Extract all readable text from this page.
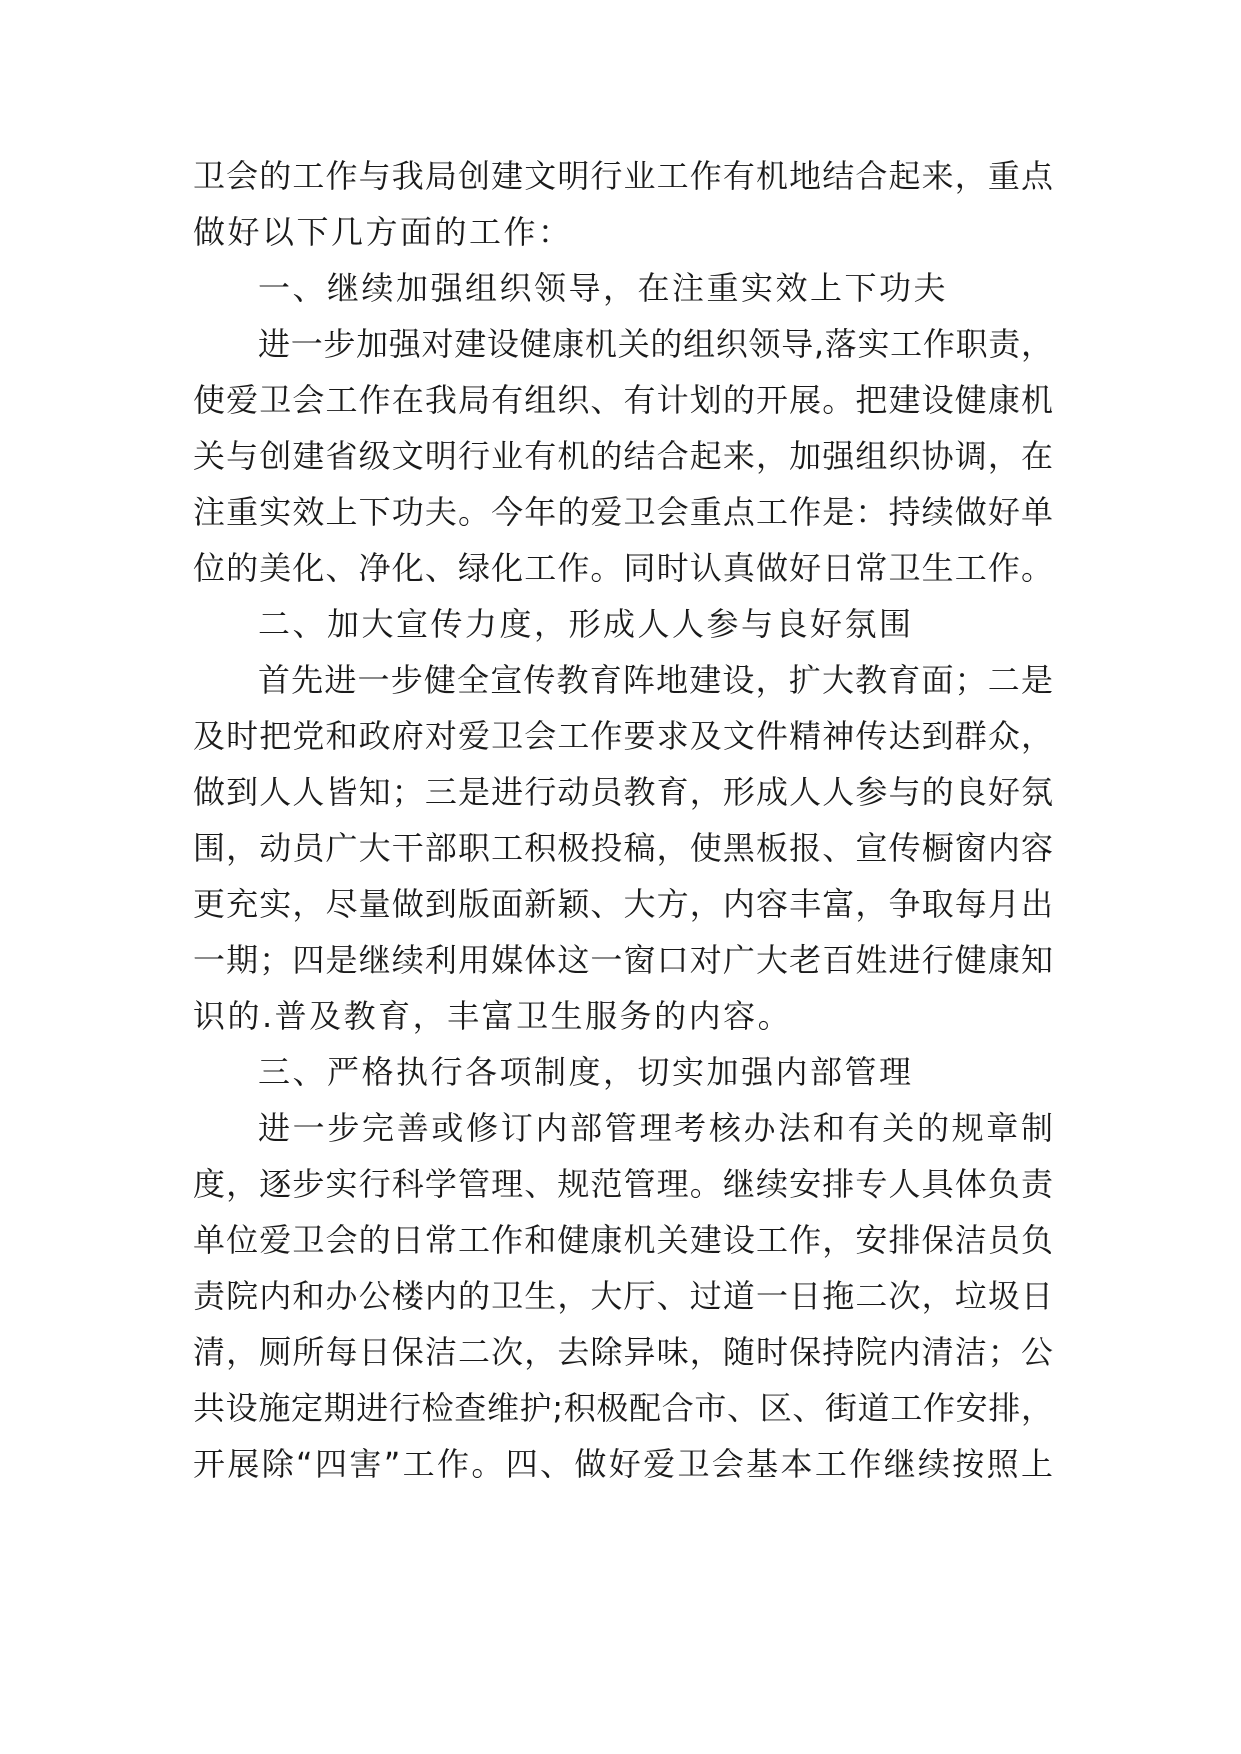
卫会的工作与我局创建文明行业工作有机地结合起来，重点
做好以下几方面的工作：
一、继续加强组织领导，在注重实效上下功夫
进一步加强对建设健康机关的组织领导,落实工作职责，
使爱卫会工作在我局有组织、有计划的开展。把建设健康机
关与创建省级文明行业有机的结合起来，加强组织协调，在
注重实效上下功夫。今年的爱卫会重点工作是：持续做好单
位的美化、净化、绿化工作。同时认真做好日常卫生工作。
二、加大宣传力度，形成人人参与良好氛围
首先进一步健全宣传教育阵地建设，扩大教育面；二是
及时把党和政府对爱卫会工作要求及文件精神传达到群众，
做到人人皆知；三是进行动员教育，形成人人参与的良好氛
围，动员广大干部职工积极投稿，使黑板报、宣传橱窗内容
更充实，尽量做到版面新颖、大方，内容丰富，争取每月出
一期；四是继续利用媒体这一窗口对广大老百姓进行健康知
识的.普及教育，丰富卫生服务的内容。
三、严格执行各项制度，切实加强内部管理
进一步完善或修订内部管理考核办法和有关的规章制
度，逐步实行科学管理、规范管理。继续安排专人具体负责
单位爱卫会的日常工作和健康机关建设工作，安排保洁员负
责院内和办公楼内的卫生，大厅、过道一日拖二次，垃圾日
清，厕所每日保洁二次，去除异味，随时保持院内清洁；公
共设施定期进行检查维护;积极配合市、区、街道工作安排，
开展除“四害”工作。四、做好爱卫会基本工作继续按照上
